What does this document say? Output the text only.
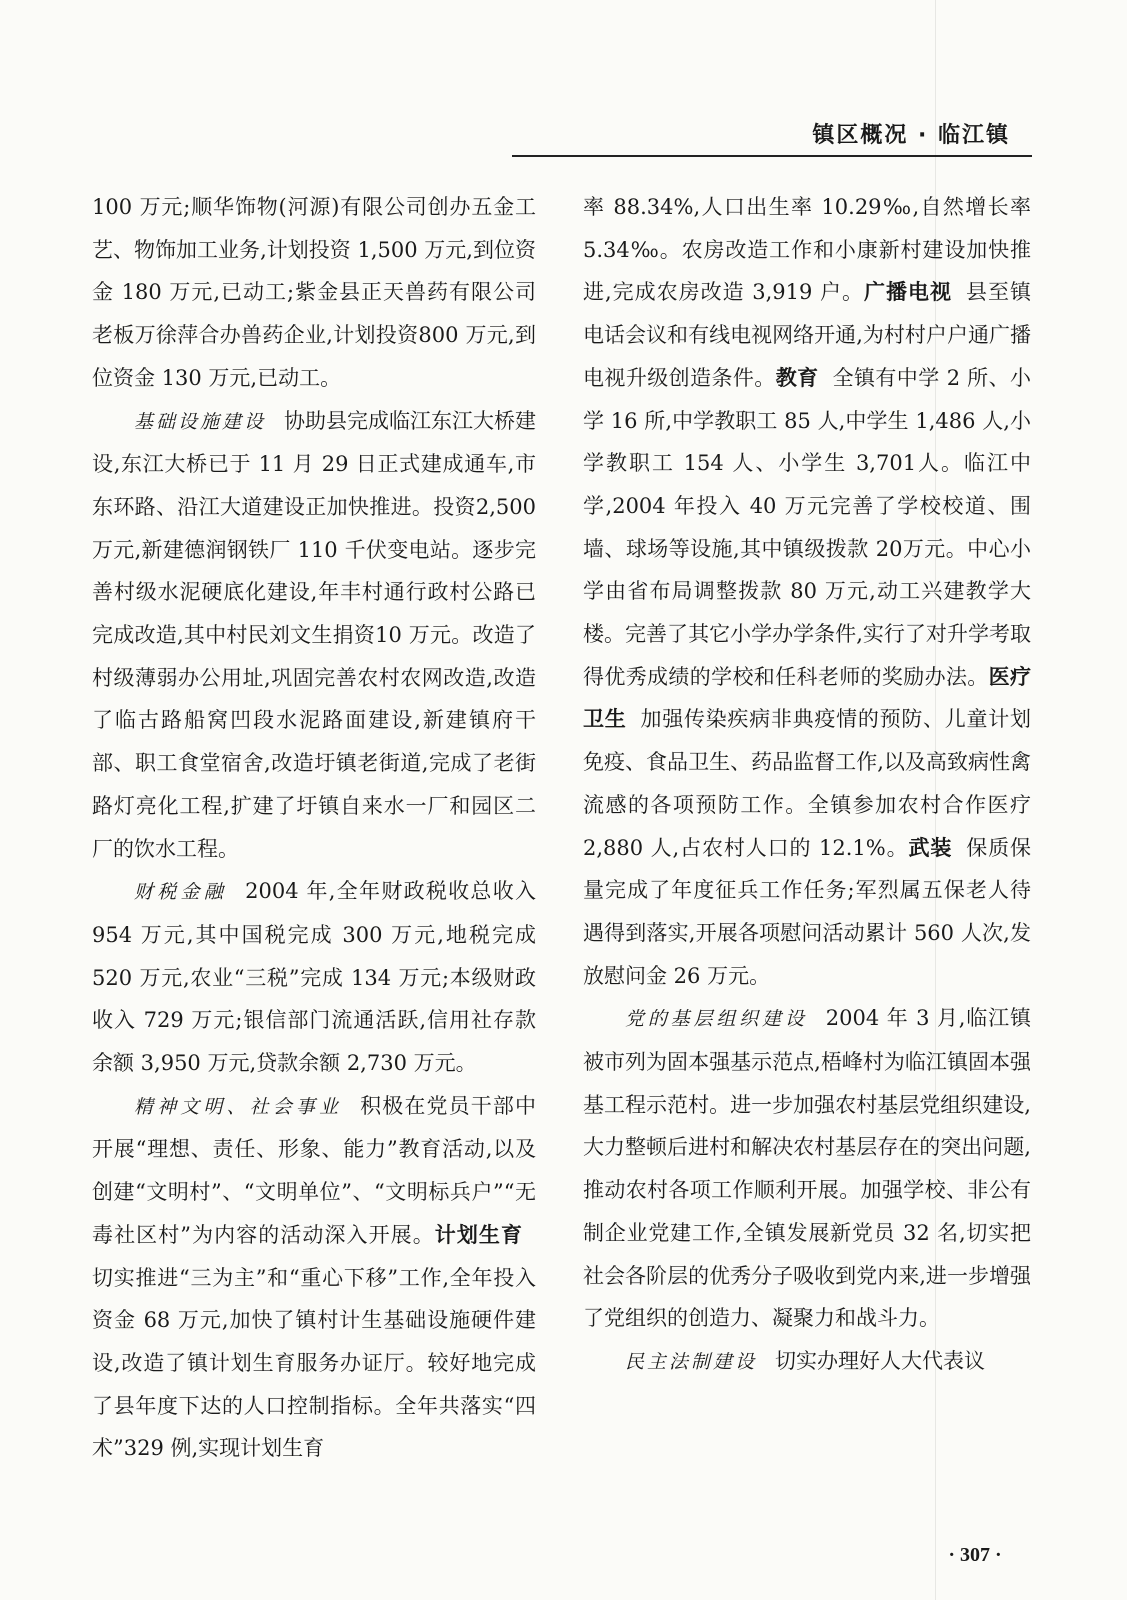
镇区概况 · 临江镇

100 万元;顺华饰物(河源)有限公司创办五金工艺、物饰加工业务,计划投资 1,500 万元,到位资金 180 万元,已动工;紫金县正天兽药有限公司老板万徐萍合办兽药企业,计划投资800 万元,到位资金 130 万元,已动工。

基础设施建设 协助县完成临江东江大桥建设,东江大桥已于 11 月 29 日正式建成通车,市东环路、沿江大道建设正加快推进。投资2,500 万元,新建德润钢铁厂 110 千伏变电站。逐步完善村级水泥硬底化建设,年丰村通行政村公路已完成改造,其中村民刘文生捐资10 万元。改造了村级薄弱办公用址,巩固完善农村农网改造,改造了临古路船窝凹段水泥路面建设,新建镇府干部、职工食堂宿舍,改造圩镇老街道,完成了老街路灯亮化工程,扩建了圩镇自来水一厂和园区二厂的饮水工程。

财税金融 2004 年,全年财政税收总收入954 万元,其中国税完成 300 万元,地税完成520 万元,农业“三税”完成 134 万元;本级财政收入 729 万元;银信部门流通活跃,信用社存款余额 3,950 万元,贷款余额 2,730 万元。

精神文明、社会事业 积极在党员干部中开展“理想、责任、形象、能力”教育活动,以及创建“文明村”、“文明单位”、“文明标兵户”“无毒社区村”为内容的活动深入开展。计划生育切实推进“三为主”和“重心下移”工作,全年投入资金 68 万元,加快了镇村计生基础设施硬件建设,改造了镇计划生育服务办证厅。较好地完成了县年度下达的人口控制指标。全年共落实“四术”329 例,实现计划生育

率 88.34%,人口出生率 10.29‰,自然增长率5.34‰。农房改造工作和小康新村建设加快推进,完成农房改造 3,919 户。广播电视 县至镇电话会议和有线电视网络开通,为村村户户通广播电视升级创造条件。教育 全镇有中学 2 所、小学 16 所,中学教职工 85 人,中学生 1,486 人,小学教职工 154 人、小学生 3,701人。临江中学,2004 年投入 40 万元完善了学校校道、围墙、球场等设施,其中镇级拨款 20万元。中心小学由省布局调整拨款 80 万元,动工兴建教学大楼。完善了其它小学办学条件,实行了对升学考取得优秀成绩的学校和任科老师的奖励办法。医疗卫生 加强传染疾病非典疫情的预防、儿童计划免疫、食品卫生、药品监督工作,以及高致病性禽流感的各项预防工作。全镇参加农村合作医疗 2,880 人,占农村人口的 12.1%。武装 保质保量完成了年度征兵工作任务;军烈属五保老人待遇得到落实,开展各项慰问活动累计 560 人次,发放慰问金 26 万元。

党的基层组织建设 2004 年 3 月,临江镇被市列为固本强基示范点,梧峰村为临江镇固本强基工程示范村。进一步加强农村基层党组织建设,大力整顿后进村和解决农村基层存在的突出问题,推动农村各项工作顺利开展。加强学校、非公有制企业党建工作,全镇发展新党员 32 名,切实把社会各阶层的优秀分子吸收到党内来,进一步增强了党组织的创造力、凝聚力和战斗力。

民主法制建设 切实办理好人大代表议

· 307 ·
